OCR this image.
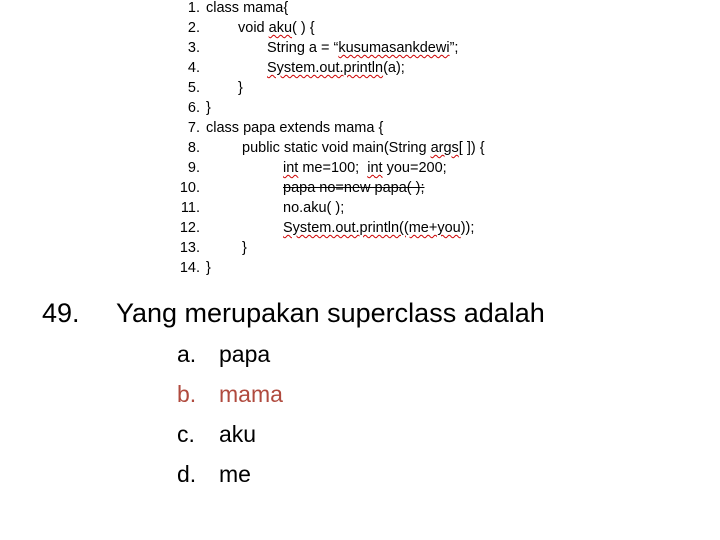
1. class mama{
2.	void aku( ) {
3.	String a = “kusumasankdewi”;
4.	System.out.println(a);
5.	}
6. }
7. class papa extends mama {
8.	public static void main(String args[ ]) {
9.	int me=100;  int you=200;
10.	papa no=new papa( );
11.	no.aku( );
12.	System.out.println((me+you));
13.	}
14. }
49. Yang merupakan superclass adalah
a. papa
b. mama
c.	aku
d. me
